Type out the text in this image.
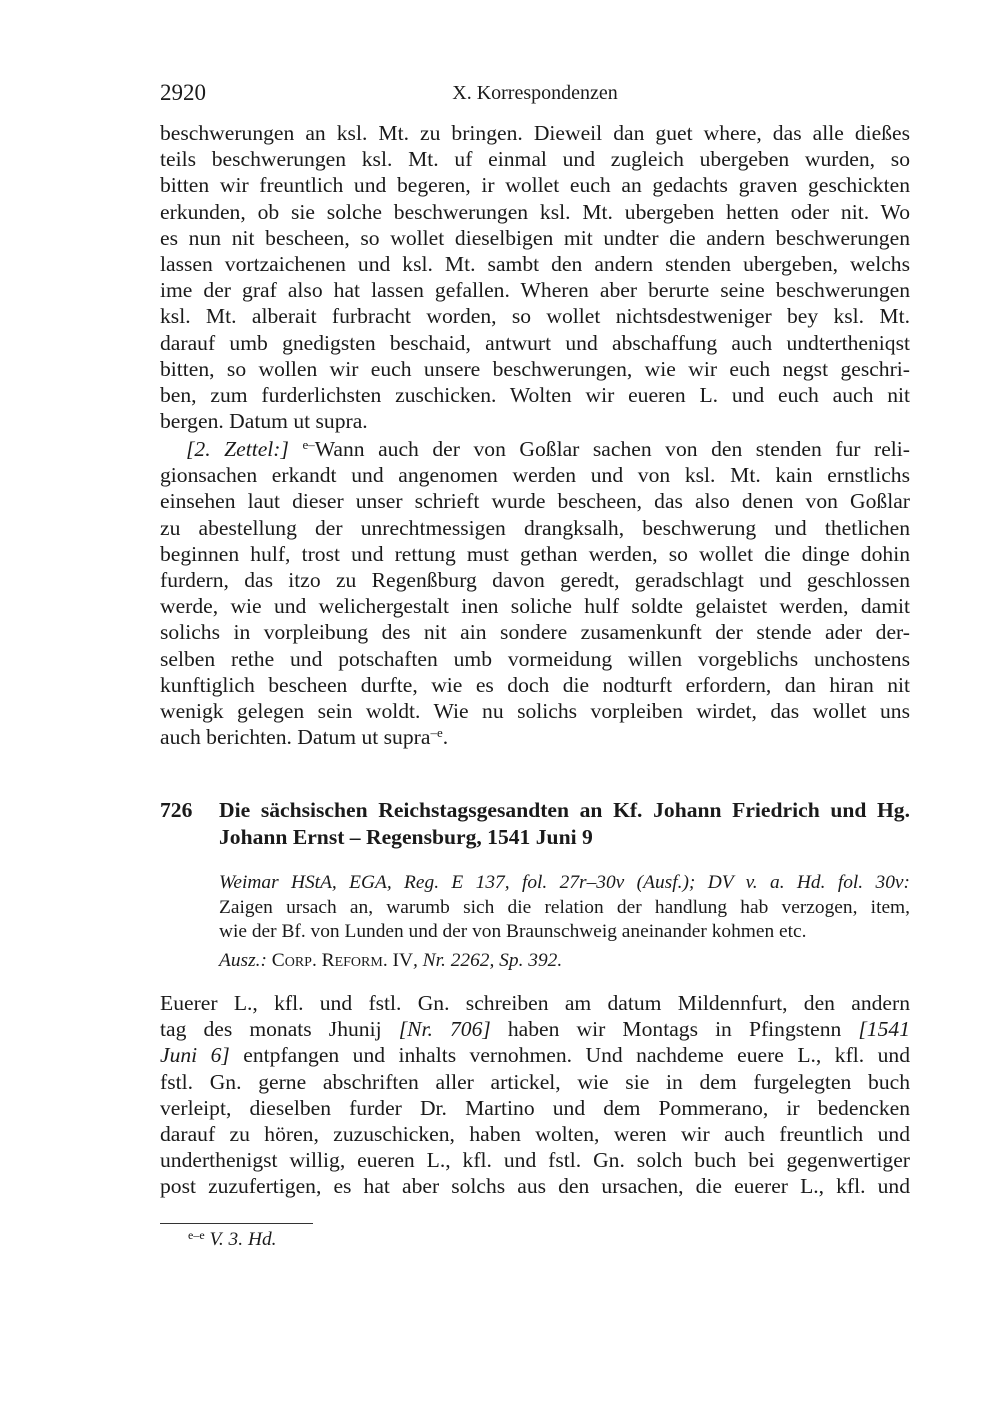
2920	X. Korrespondenzen

beschwerungen an ksl. Mt. zu bringen. Dieweil dan guet where, das alle dießes
teils beschwerungen ksl. Mt. uf einmal und zugleich ubergeben wurden, so
bitten wir freuntlich und begeren, ir wollet euch an gedachts graven geschickten
erkunden, ob sie solche beschwerungen ksl. Mt. ubergeben hetten oder nit. Wo
es nun nit bescheen, so wollet dieselbigen mit undter die andern beschwerungen
lassen vortzaichenen und ksl. Mt. sambt den andern stenden ubergeben, welchs
ime der graf also hat lassen gefallen. Wheren aber berurte seine beschwerungen
ksl. Mt. alberait furbracht worden, so wollet nichtsdestweniger bey ksl. Mt.
darauf umb gnedigsten beschaid, antwurt und abschaffung auch undtertheniqst
bitten, so wollen wir euch unsere beschwerungen, wie wir euch negst geschri-
ben, zum furderlichsten zuschicken. Wolten wir eueren L. und euch auch nit
bergen. Datum ut supra.

[2. Zettel:] $^{e-}$Wann auch der von Goßlar sachen von den stenden fur reli-
gionsachen erkandt und angenomen werden und von ksl. Mt. kain ernstlichs
einsehen laut dieser unser schrieft wurde bescheen, das also denen von Goßlar
zu abestellung der unrechtmessigen drangksalh, beschwerung und thetlichen
beginnen hulf, trost und rettung must gethan werden, so wollet die dinge dohin
furdern, das itzo zu Regenßburg davon geredt, geradschlagt und geschlossen
werde, wie und welichergestalt inen soliche hulf soldte gelaistet werden, damit
solichs in vorpleibung des nit ain sondere zusamenkunft der stende ader der-
selben rethe und potschaften umb vormeidung willen vorgeblichs unchostens
kunftiglich bescheen durfte, wie es doch die nodturft erfordern, dan hiran nit
wenigk gelegen sein woldt. Wie nu solichs vorpleiben wirdet, das wollet uns
auch berichten. Datum ut supra$^{-e}$.

726 Die sächsischen Reichstagsgesandten an Kf. Johann Friedrich und Hg.
Johann Ernst – Regensburg, 1541 Juni 9
Weimar HStA, EGA, Reg. E 137, fol. 27r–30v (Ausf.); DV v. a. Hd. fol. 30v:
Zaigen ursach an, warumb sich die relation der handlung hab verzogen, item,
wie der Bf. von Lunden und der von Braunschweig aneinander kohmen etc.
Ausz.: Corp. Reform. IV, Nr. 2262, Sp. 392.

Euerer L., kfl. und fstl. Gn. schreiben am datum Mildennfurt, den andern
tag des monats Jhunij [Nr. 706] haben wir Montags in Pfingstenn [1541
Juni 6] entpfangen und inhalts vernohmen. Und nachdeme euere L., kfl. und
fstl. Gn. gerne abschriften aller artickel, wie sie in dem furgelegten buch
verleipt, dieselben furder Dr. Martino und dem Pommerano, ir bedencken
darauf zu hören, zuzuschicken, haben wolten, weren wir auch freuntlich und
underthenigst willig, eueren L., kfl. und fstl. Gn. solch buch bei gegenwertiger
post zuzufertigen, es hat aber solchs aus den ursachen, die euerer L., kfl. und

$^{e-e}$ V. 3. Hd.
